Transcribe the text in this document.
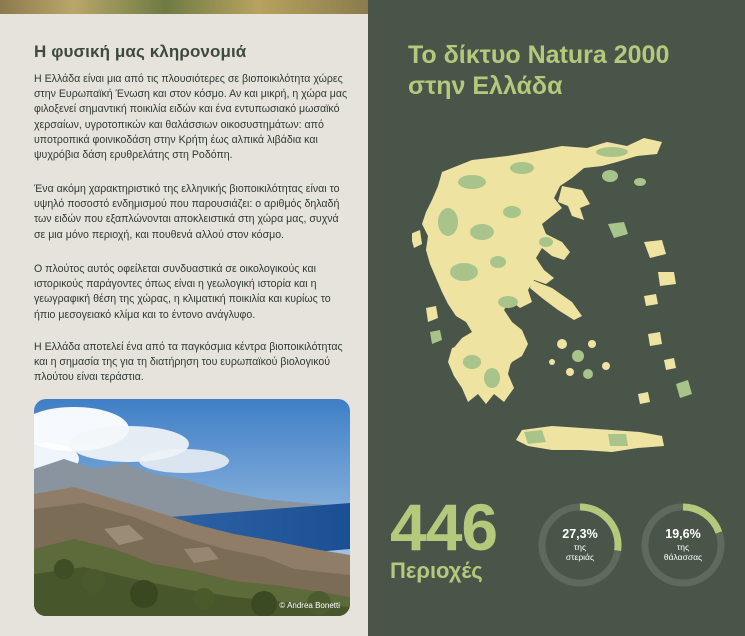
Η φυσική μας κληρονομιά

Η Ελλάδα είναι μια από τις πλουσιότερες σε βιοποικιλότητα χώρες στην Ευρωπαϊκή Ένωση και στον κόσμο. Αν και μικρή, η χώρα μας φιλοξενεί σημαντική ποικιλία ειδών και ένα εντυπωσιακό μωσαϊκό χερσαίων, υγροτοπικών και θαλάσσιων οικοσυστημάτων: από υποτροπικά φοινικοδάση στην Κρήτη έως αλπικά λιβάδια και ψυχρόβια δάση ερυθρελάτης στη Ροδόπη.

Ένα ακόμη χαρακτηριστικό της ελληνικής βιοποικιλότητας είναι το υψηλό ποσοστό ενδημισμού που παρουσιάζει: ο αριθμός δηλαδή των ειδών που εξαπλώνονται αποκλειστικά στη χώρα μας, συχνά σε μια μόνο περιοχή, και πουθενά αλλού στον κόσμο.

Ο πλούτος αυτός οφείλεται συνδυαστικά σε οικολογικούς και ιστορικούς παράγοντες όπως είναι η γεωλογική ιστορία και η γεωγραφική θέση της χώρας, η κλιματική ποικιλία και κυρίως το ήπιο μεσογειακό κλίμα και το έντονο ανάγλυφο.

Η Ελλάδα αποτελεί ένα από τα παγκόσμια κέντρα βιοποικιλότητας και η σημασία της για τη διατήρηση του ευρωπαϊκού βιολογικού πλούτου είναι τεράστια.

© Andrea Bonetti
Το δίκτυο Natura 2000
στην Ελλάδα
446
Περιοχές
27,3%
της
στεριάς
19,6%
της
θάλασσας
